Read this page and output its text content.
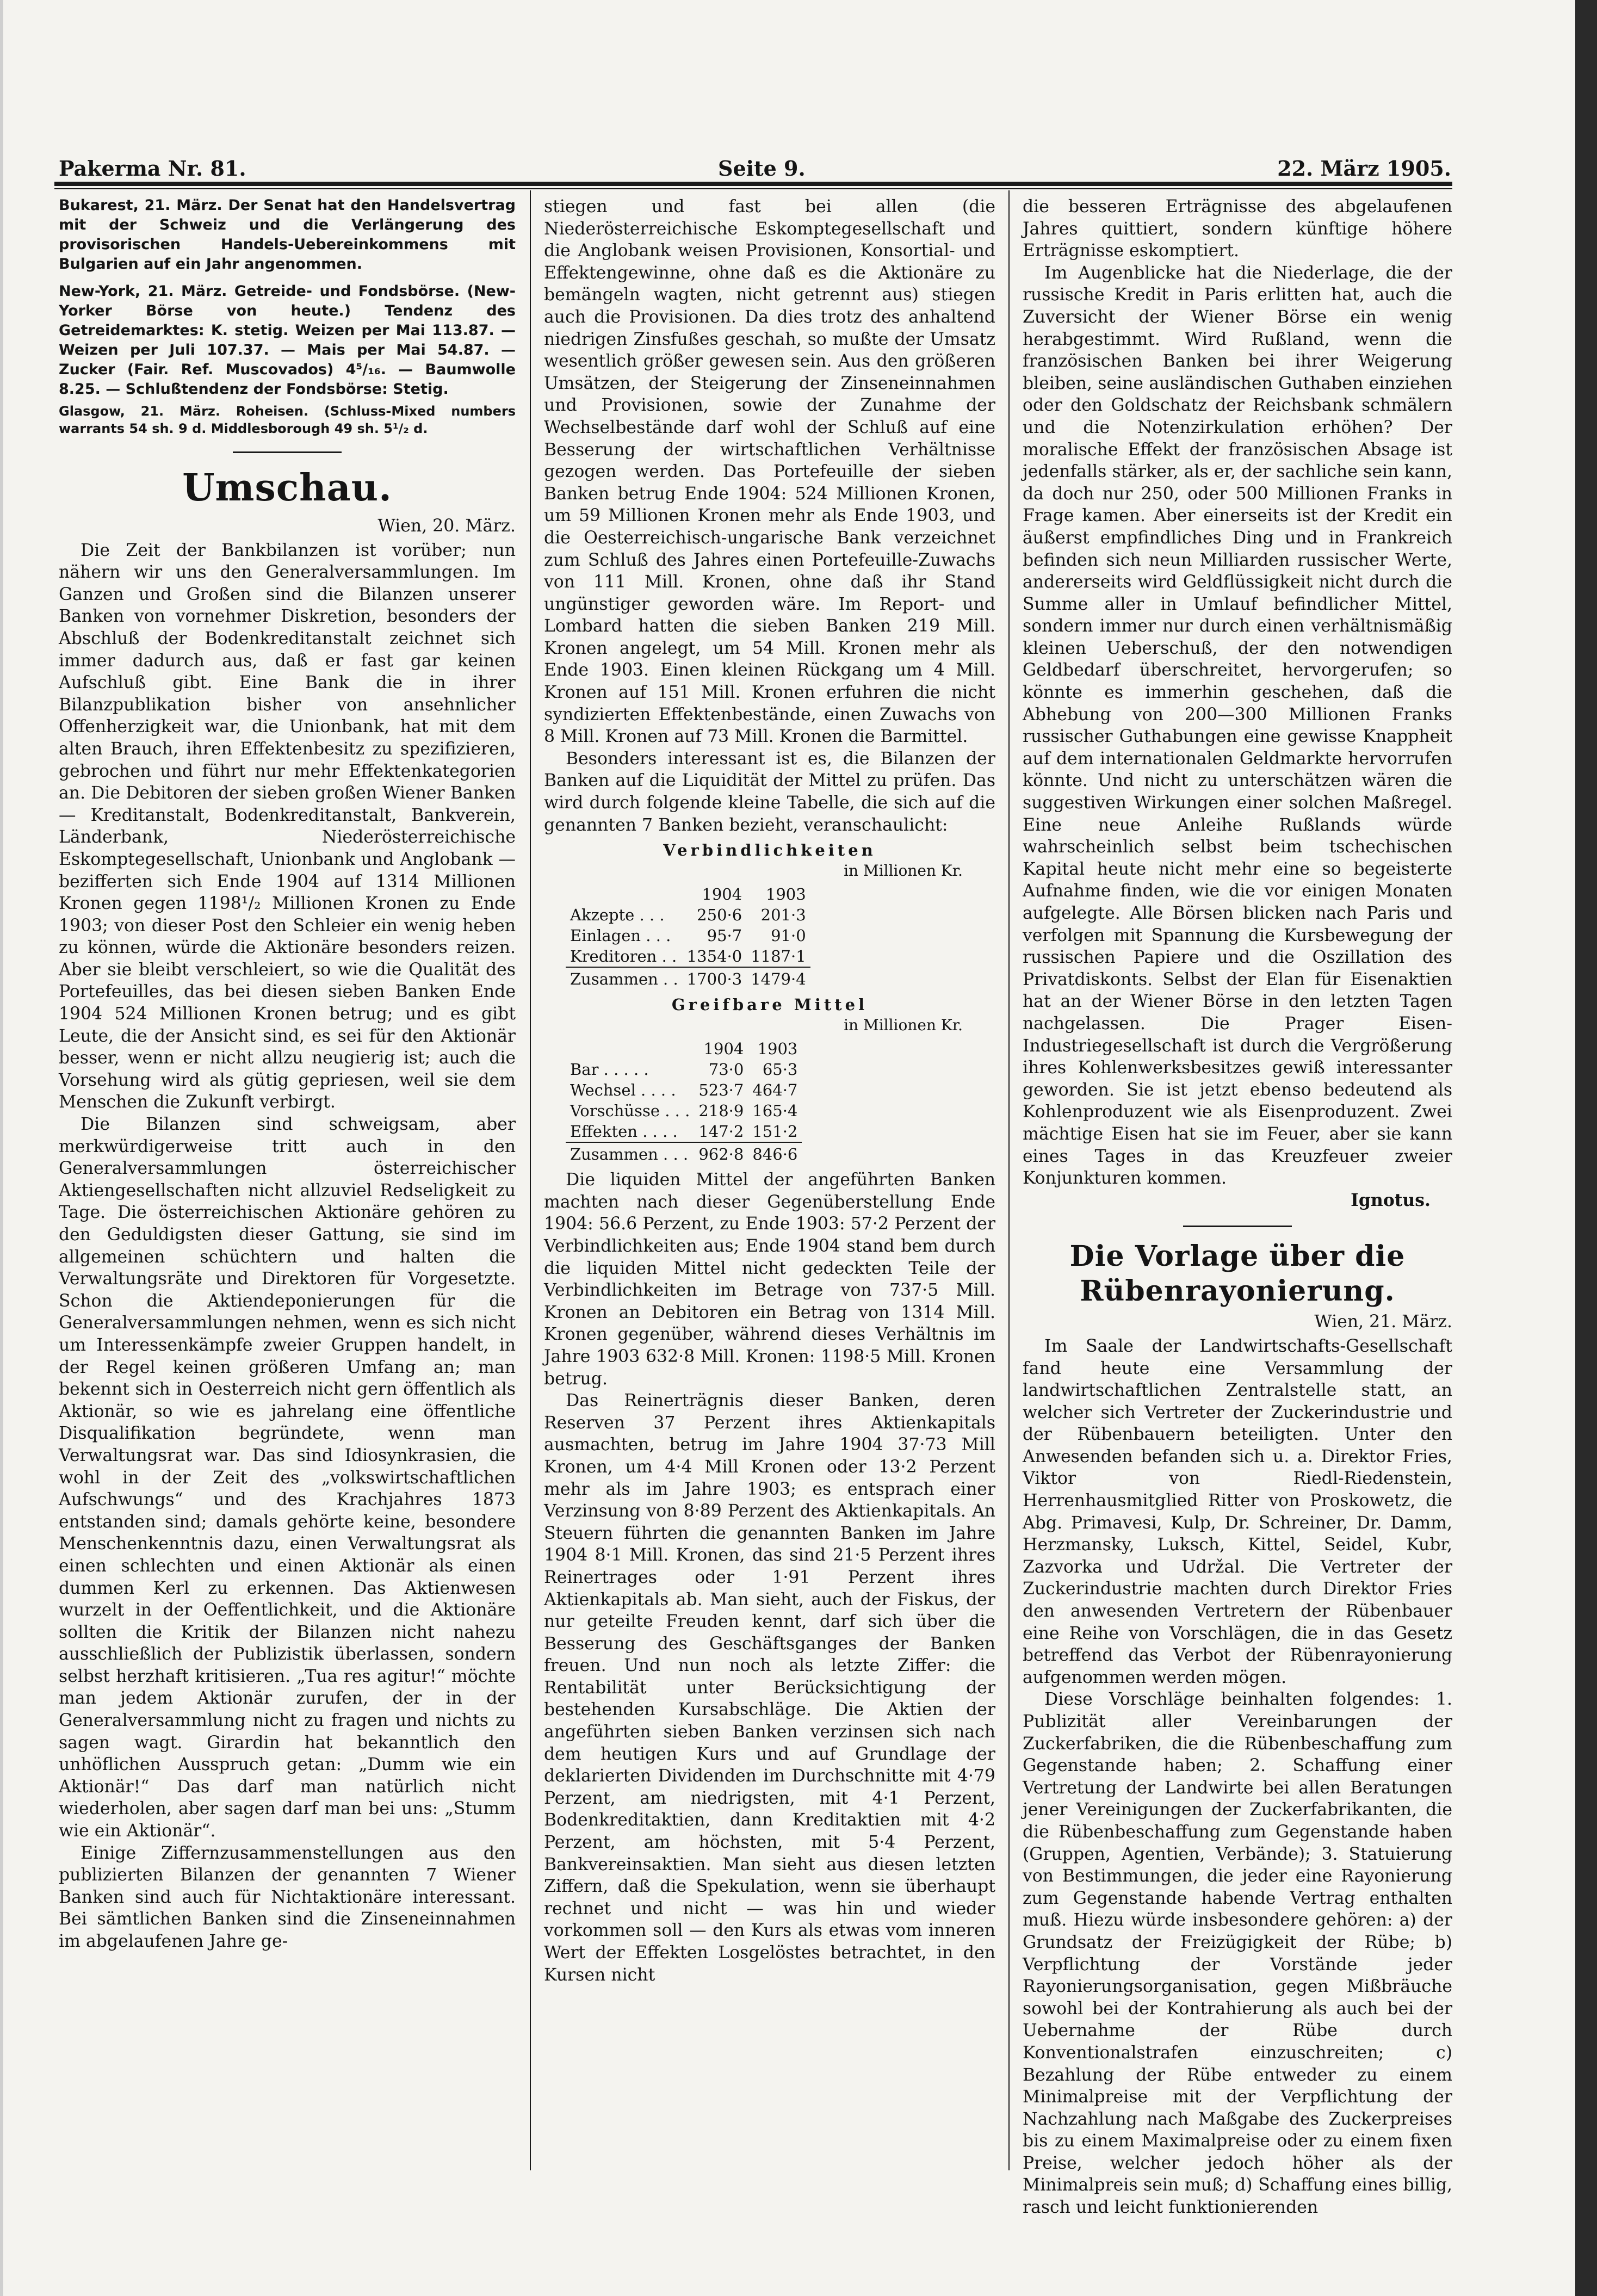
Pakerma Nr. 81.	Seite 9.	22. März 1905.

Bukarest, 21. März. Der Senat hat den Handelsvertrag mit der Schweiz und die Verlängerung des provisorischen Handels-Uebereinkommens mit Bulgarien auf ein Jahr angenommen.

New-York, 21. März. Getreide- und Fondsbörse. (New-Yorker Börse von heute.) Tendenz des Getreidemarktes: K. stetig. Weizen per Mai 113.87. — Weizen per Juli 107.37. — Mais per Mai 54.87. — Zucker (Fair. Ref. Muscovados) 4⁵/₁₆. — Baumwolle 8.25. — Schlußtendenz der Fondsbörse: Stetig.

Glasgow, 21. März. Roheisen. (Schluss-Mixed numbers warrants 54 sh. 9 d. Middlesborough 49 sh. 5¹/₂ d.

Umschau.
Wien, 20. März.

Die Zeit der Bankbilanzen ist vorüber; nun nähern wir uns den Generalversammlungen. Im Ganzen und Großen sind die Bilanzen unserer Banken von vornehmer Diskretion, besonders der Abschluß der Bodenkreditanstalt zeichnet sich immer dadurch aus, daß er fast gar keinen Aufschluß gibt. Eine Bank die in ihrer Bilanzpublikation bisher von ansehnlicher Offenherzigkeit war, die Unionbank, hat mit dem alten Brauch, ihren Effektenbesitz zu spezifizieren, gebrochen und führt nur mehr Effektenkategorien an. Die Debitoren der sieben großen Wiener Banken — Kreditanstalt, Bodenkreditanstalt, Bankverein, Länderbank, Niederösterreichische Eskomptegesellschaft, Unionbank und Anglobank — bezifferten sich Ende 1904 auf 1314 Millionen Kronen gegen 1198¹/₂ Millionen Kronen zu Ende 1903; von dieser Post den Schleier ein wenig heben zu können, würde die Aktionäre besonders reizen. Aber sie bleibt verschleiert, so wie die Qualität des Portefeuilles, das bei diesen sieben Banken Ende 1904 524 Millionen Kronen betrug; und es gibt Leute, die der Ansicht sind, es sei für den Aktionär besser, wenn er nicht allzu neugierig ist; auch die Vorsehung wird als gütig gepriesen, weil sie dem Menschen die Zukunft verbirgt.

Die Bilanzen sind schweigsam, aber merkwürdigerweise tritt auch in den Generalversammlungen österreichischer Aktiengesellschaften nicht allzuviel Redseligkeit zu Tage. Die österreichischen Aktionäre gehören zu den Geduldigsten dieser Gattung, sie sind im allgemeinen schüchtern und halten die Verwaltungsräte und Direktoren für Vorgesetzte. Schon die Aktiendeponierungen für die Generalversammlungen nehmen, wenn es sich nicht um Interessenkämpfe zweier Gruppen handelt, in der Regel keinen größeren Umfang an; man bekennt sich in Oesterreich nicht gern öffentlich als Aktionär, so wie es jahrelang eine öffentliche Disqualifikation begründete, wenn man Verwaltungsrat war. Das sind Idiosynkrasien, die wohl in der Zeit des „volkswirtschaftlichen Aufschwungs“ und des Krachjahres 1873 entstanden sind; damals gehörte keine, besondere Menschenkenntnis dazu, einen Verwaltungsrat als einen schlechten und einen Aktionär als einen dummen Kerl zu erkennen. Das Aktienwesen wurzelt in der Oeffentlichkeit, und die Aktionäre sollten die Kritik der Bilanzen nicht nahezu ausschließlich der Publizistik überlassen, sondern selbst herzhaft kritisieren. „Tua res agitur!“ möchte man jedem Aktionär zurufen, der in der Generalversammlung nicht zu fragen und nichts zu sagen wagt. Girardin hat bekanntlich den unhöflichen Ausspruch getan: „Dumm wie ein Aktionär!“ Das darf man natürlich nicht wiederholen, aber sagen darf man bei uns: „Stumm wie ein Aktionär“.

Einige Ziffernzusammenstellungen aus den publizierten Bilanzen der genannten 7 Wiener Banken sind auch für Nichtaktionäre interessant. Bei sämtlichen Banken sind die Zinseneinnahmen im abgelaufenen Jahre ge-

stiegen und fast bei allen (die Niederösterreichische Eskomptegesellschaft und die Anglobank weisen Provisionen, Konsortial- und Effektengewinne, ohne daß es die Aktionäre zu bemängeln wagten, nicht getrennt aus) stiegen auch die Provisionen. Da dies trotz des anhaltend niedrigen Zinsfußes geschah, so mußte der Umsatz wesentlich größer gewesen sein. Aus den größeren Umsätzen, der Steigerung der Zinseneinnahmen und Provisionen, sowie der Zunahme der Wechselbestände darf wohl der Schluß auf eine Besserung der wirtschaftlichen Verhältnisse gezogen werden. Das Portefeuille der sieben Banken betrug Ende 1904: 524 Millionen Kronen, um 59 Millionen Kronen mehr als Ende 1903, und die Oesterreichisch-ungarische Bank verzeichnet zum Schluß des Jahres einen Portefeuille-Zuwachs von 111 Mill. Kronen, ohne daß ihr Stand ungünstiger geworden wäre. Im Report- und Lombard hatten die sieben Banken 219 Mill. Kronen angelegt, um 54 Mill. Kronen mehr als Ende 1903. Einen kleinen Rückgang um 4 Mill. Kronen auf 151 Mill. Kronen erfuhren die nicht syndizierten Effektenbestände, einen Zuwachs von 8 Mill. Kronen auf 73 Mill. Kronen die Barmittel.

Besonders interessant ist es, die Bilanzen der Banken auf die Liquidität der Mittel zu prüfen. Das wird durch folgende kleine Tabelle, die sich auf die genannten 7 Banken bezieht, veranschaulicht:

Verbindlichkeiten
in Millionen Kr.
	1904	1903
Akzepte . . .	250·6	201·3
Einlagen . . .	95·7	91·0
Kreditoren . .	1354·0	1187·1
Zusammen . .	1700·3	1479·4
Greifbare Mittel
in Millionen Kr.
	1904	1903
Bar . . . . .	73·0	65·3
Wechsel . . . .	523·7	464·7
Vorschüsse . . .	218·9	165·4
Effekten . . . .	147·2	151·2
Zusammen . . .	962·8	846·6

Die liquiden Mittel der angeführten Banken machten nach dieser Gegenüberstellung Ende 1904: 56.6 Perzent, zu Ende 1903: 57·2 Perzent der Verbindlichkeiten aus; Ende 1904 stand bem durch die liquiden Mittel nicht gedeckten Teile der Verbindlichkeiten im Betrage von 737·5 Mill. Kronen an Debitoren ein Betrag von 1314 Mill. Kronen gegenüber, während dieses Verhältnis im Jahre 1903 632·8 Mill. Kronen: 1198·5 Mill. Kronen betrug.

Das Reinerträgnis dieser Banken, deren Reserven 37 Perzent ihres Aktienkapitals ausmachten, betrug im Jahre 1904 37·73 Mill Kronen, um 4·4 Mill Kronen oder 13·2 Perzent mehr als im Jahre 1903; es entsprach einer Verzinsung von 8·89 Perzent des Aktienkapitals. An Steuern führten die genannten Banken im Jahre 1904 8·1 Mill. Kronen, das sind 21·5 Perzent ihres Reinertrages oder 1·91 Perzent ihres Aktienkapitals ab. Man sieht, auch der Fiskus, der nur geteilte Freuden kennt, darf sich über die Besserung des Geschäftsganges der Banken freuen. Und nun noch als letzte Ziffer: die Rentabilität unter Berücksichtigung der bestehenden Kursabschläge. Die Aktien der angeführten sieben Banken verzinsen sich nach dem heutigen Kurs und auf Grundlage der deklarierten Dividenden im Durchschnitte mit 4·79 Perzent, am niedrigsten, mit 4·1 Perzent, Bodenkreditaktien, dann Kreditaktien mit 4·2 Perzent, am höchsten, mit 5·4 Perzent, Bankvereinsaktien. Man sieht aus diesen letzten Ziffern, daß die Spekulation, wenn sie überhaupt rechnet und nicht — was hin und wieder vorkommen soll — den Kurs als etwas vom inneren Wert der Effekten Losgelöstes betrachtet, in den Kursen nicht

die besseren Erträgnisse des abgelaufenen Jahres quittiert, sondern künftige höhere Erträgnisse eskomptiert.

Im Augenblicke hat die Niederlage, die der russische Kredit in Paris erlitten hat, auch die Zuversicht der Wiener Börse ein wenig herabgestimmt. Wird Rußland, wenn die französischen Banken bei ihrer Weigerung bleiben, seine ausländischen Guthaben einziehen oder den Goldschatz der Reichsbank schmälern und die Notenzirkulation erhöhen? Der moralische Effekt der französischen Absage ist jedenfalls stärker, als er, der sachliche sein kann, da doch nur 250, oder 500 Millionen Franks in Frage kamen. Aber einerseits ist der Kredit ein äußerst empfindliches Ding und in Frankreich befinden sich neun Milliarden russischer Werte, andererseits wird Geldflüssigkeit nicht durch die Summe aller in Umlauf befindlicher Mittel, sondern immer nur durch einen verhältnismäßig kleinen Ueberschuß, der den notwendigen Geldbedarf überschreitet, hervorgerufen; so könnte es immerhin geschehen, daß die Abhebung von 200—300 Millionen Franks russischer Guthabungen eine gewisse Knappheit auf dem internationalen Geldmarkte hervorrufen könnte. Und nicht zu unterschätzen wären die suggestiven Wirkungen einer solchen Maßregel. Eine neue Anleihe Rußlands würde wahrscheinlich selbst beim tschechischen Kapital heute nicht mehr eine so begeisterte Aufnahme finden, wie die vor einigen Monaten aufgelegte. Alle Börsen blicken nach Paris und verfolgen mit Spannung die Kursbewegung der russischen Papiere und die Oszillation des Privatdiskonts. Selbst der Elan für Eisenaktien hat an der Wiener Börse in den letzten Tagen nachgelassen. Die Prager Eisen-Industriegesellschaft ist durch die Vergrößerung ihres Kohlenwerksbesitzes gewiß interessanter geworden. Sie ist jetzt ebenso bedeutend als Kohlenproduzent wie als Eisenproduzent. Zwei mächtige Eisen hat sie im Feuer, aber sie kann eines Tages in das Kreuzfeuer zweier Konjunkturen kommen.

Ignotus.
Die Vorlage über die Rübenrayonierung.
Wien, 21. März.

Im Saale der Landwirtschafts-Gesellschaft fand heute eine Versammlung der landwirtschaftlichen Zentralstelle statt, an welcher sich Vertreter der Zuckerindustrie und der Rübenbauern beteiligten. Unter den Anwesenden befanden sich u. a. Direktor Fries, Viktor von Riedl-Riedenstein, Herrenhausmitglied Ritter von Proskowetz, die Abg. Primavesi, Kulp, Dr. Schreiner, Dr. Damm, Herzmansky, Luksch, Kittel, Seidel, Kubr, Zazvorka und Udržal. Die Vertreter der Zuckerindustrie machten durch Direktor Fries den anwesenden Vertretern der Rübenbauer eine Reihe von Vorschlägen, die in das Gesetz betreffend das Verbot der Rübenrayonierung aufgenommen werden mögen.

Diese Vorschläge beinhalten folgendes: 1. Publizität aller Vereinbarungen der Zuckerfabriken, die die Rübenbeschaffung zum Gegenstande haben; 2. Schaffung einer Vertretung der Landwirte bei allen Beratungen jener Vereinigungen der Zuckerfabrikanten, die die Rübenbeschaffung zum Gegenstande haben (Gruppen, Agentien, Verbände); 3. Statuierung von Bestimmungen, die jeder eine Rayonierung zum Gegenstande habende Vertrag enthalten muß. Hiezu würde insbesondere gehören: a) der Grundsatz der Freizügigkeit der Rübe; b) Verpflichtung der Vorstände jeder Rayonierungsorganisation, gegen Mißbräuche sowohl bei der Kontrahierung als auch bei der Uebernahme der Rübe durch Konventionalstrafen einzuschreiten; c) Bezahlung der Rübe entweder zu einem Minimalpreise mit der Verpflichtung der Nachzahlung nach Maßgabe des Zuckerpreises bis zu einem Maximalpreise oder zu einem fixen Preise, welcher jedoch höher als der Minimalpreis sein muß; d) Schaffung eines billig, rasch und leicht funktionierenden
